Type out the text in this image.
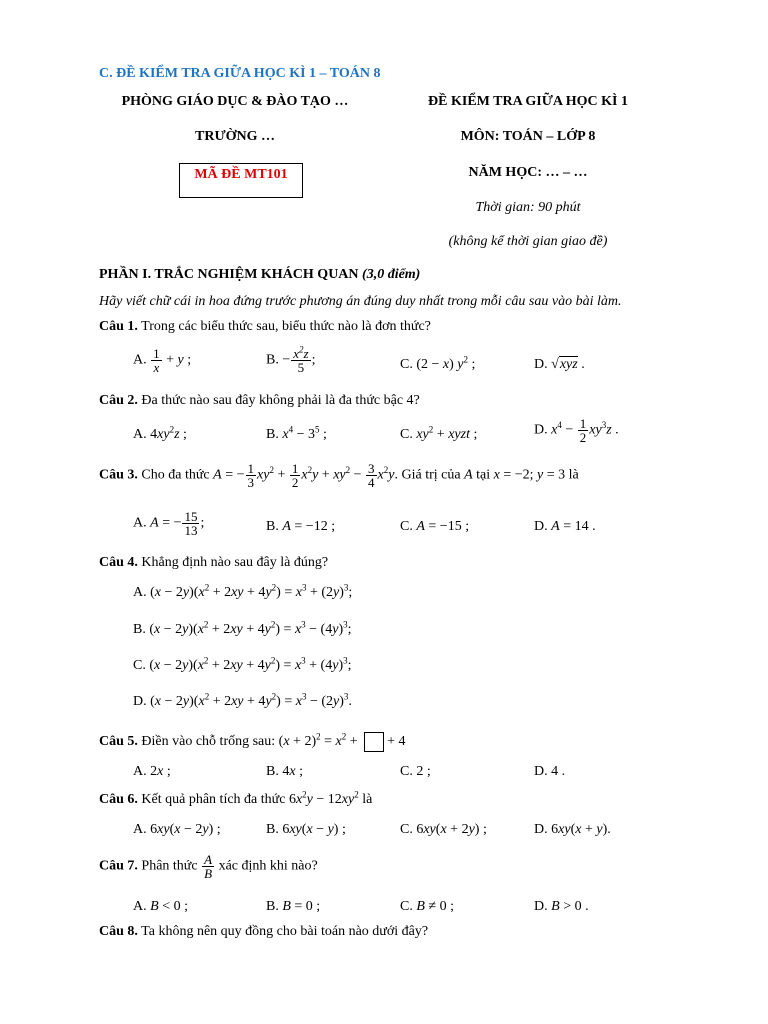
C. ĐỀ KIỂM TRA GIỮA HỌC KÌ 1 – TOÁN 8
PHÒNG GIÁO DỤC & ĐÀO TẠO …
TRƯỜNG …
MÃ ĐỀ MT101
ĐỀ KIỂM TRA GIỮA HỌC KÌ 1
MÔN: TOÁN – LỚP 8
NĂM HỌC: … – …
Thời gian: 90 phút
(không kể thời gian giao đề)
PHẦN I. TRẮC NGHIỆM KHÁCH QUAN (3,0 điểm)
Hãy viết chữ cái in hoa đứng trước phương án đúng duy nhất trong mỗi câu sau vào bài làm.
Câu 1. Trong các biểu thức sau, biểu thức nào là đơn thức?
A. $\frac{1}{x} + y$ ;	B. − $\frac{x^2z}{5}$ ;	C. (2 − x) $y^2$ ;	D. √xyz .
Câu 2. Đa thức nào sau đây không phải là đa thức bậc 4?
A. $4xy^2z$ ;	B. $x^4 - 3^5$ ;	C. $xy^2$ + xyzt ;	D. $x^4 - \frac{1}{2} xy^3z$ .
Câu 3. Cho đa thức A = − $\frac{1}{3} xy^2 + \frac{1}{2} x^2y + xy^2 - \frac{3}{4} x^2y$. Giá trị của A tại x = −2; y = 3 là
A. A = − $\frac{15}{13}$ ;	B. A = −12 ;	C. A = −15 ;	D. A = 14 .
Câu 4. Khẳng định nào sau đây là đúng?
A. $(x - 2y)(x^2 + 2xy + 4y^2) = x^3 + (2y)^3$;
B. $(x - 2y)(x^2 + 2xy + 4y^2) = x^3 - (4y)^3$;
C. $(x - 2y)(x^2 + 2xy + 4y^2) = x^3 + (4y)^3$;
D. $(x - 2y)(x^2 + 2xy + 4y^2) = x^3 - (2y)^3$.
Câu 5. Điền vào chỗ trống sau: $(x + 2)^2 = x^2$ + + 4
A. 2x ;	B. 4x ;	C. 2 ;	D. 4 .
Câu 6. Kết quả phân tích đa thức $6x^2y - 12xy^2$ là
A. 6xy(x − 2y) ;	B. 6xy(x − y) ;	C. 6xy(x + 2y) ;	D. 6xy(x + y).
Câu 7. Phân thức $\frac{A}{B}$ xác định khi nào?
A. B < 0 ;	B. B = 0 ;	C. B ≠ 0 ;	D. B > 0 .
Câu 8. Ta không nên quy đồng cho bài toán nào dưới đây?
